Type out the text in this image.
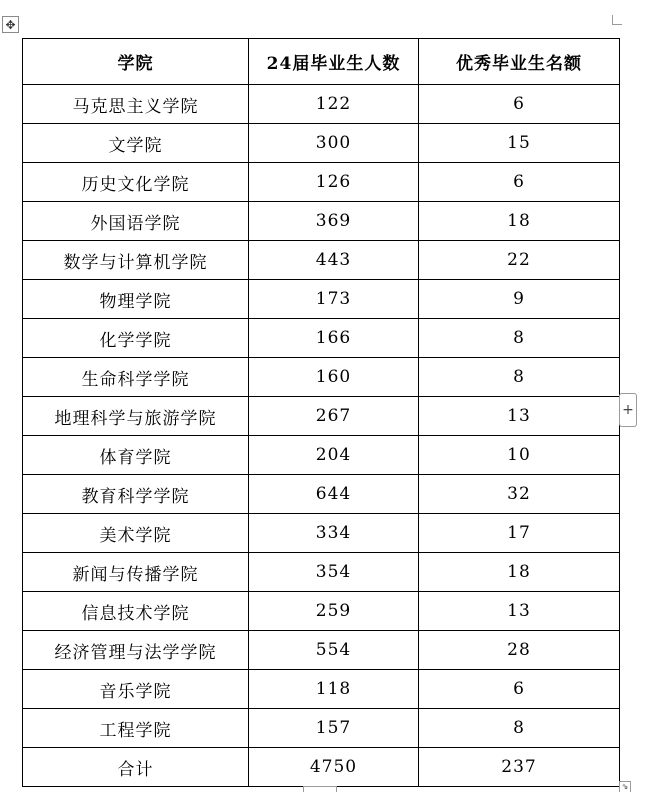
✥
学院	24届毕业生人数	优秀毕业生名额
马克思主义学院	122	6
文学院	300	15
历史文化学院	126	6
外国语学院	369	18
数学与计算机学院	443	22
物理学院	173	9
化学学院	166	8
生命科学学院	160	8
地理科学与旅游学院	267	13
体育学院	204	10
教育科学学院	644	32
美术学院	334	17
新闻与传播学院	354	18
信息技术学院	259	13
经济管理与法学学院	554	28
音乐学院	118	6
工程学院	157	8
合计	4750	237
+
⇘
